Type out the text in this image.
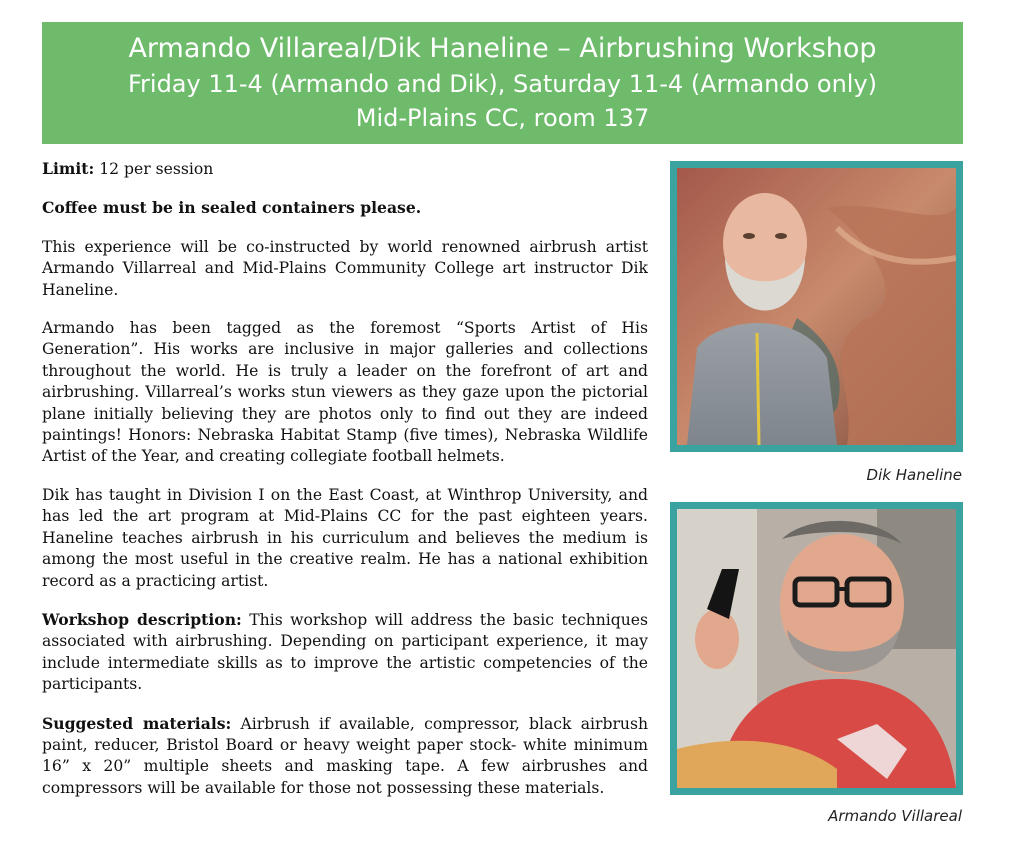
Armando Villareal/Dik Haneline – Airbrushing Workshop
Friday 11-4 (Armando and Dik), Saturday 11-4 (Armando only)
Mid-Plains CC, room 137

Limit: 12 per session

Coffee must be in sealed containers please.

This experience will be co-instructed by world renowned airbrush artist Armando Villarreal and Mid-Plains Community College art instructor Dik Haneline.

Armando has been tagged as the foremost “Sports Artist of His Generation”. His works are inclusive in major galleries and collections throughout the world. He is truly a leader on the forefront of art and airbrushing. Villarreal’s works stun viewers as they gaze upon the pictorial plane initially believing they are photos only to find out they are indeed paintings! Honors: Nebraska Habitat Stamp (five times), Nebraska Wildlife Artist of the Year, and creating collegiate football helmets.

Dik has taught in Division I on the East Coast, at Winthrop University, and has led the art program at Mid-Plains CC for the past eighteen years. Haneline teaches airbrush in his curriculum and believes the medium is among the most useful in the creative realm. He has a national exhibition record as a practicing artist.

Workshop description: This workshop will address the basic techniques associated with airbrushing. Depending on participant experience, it may include intermediate skills as to improve the artistic competencies of the participants.

Suggested materials: Airbrush if available, compressor, black airbrush paint, reducer, Bristol Board or heavy weight paper stock- white minimum 16” x 20” multiple sheets and masking tape. A few airbrushes and compressors will be available for those not possessing these materials.

Dik Haneline
Armando Villareal
